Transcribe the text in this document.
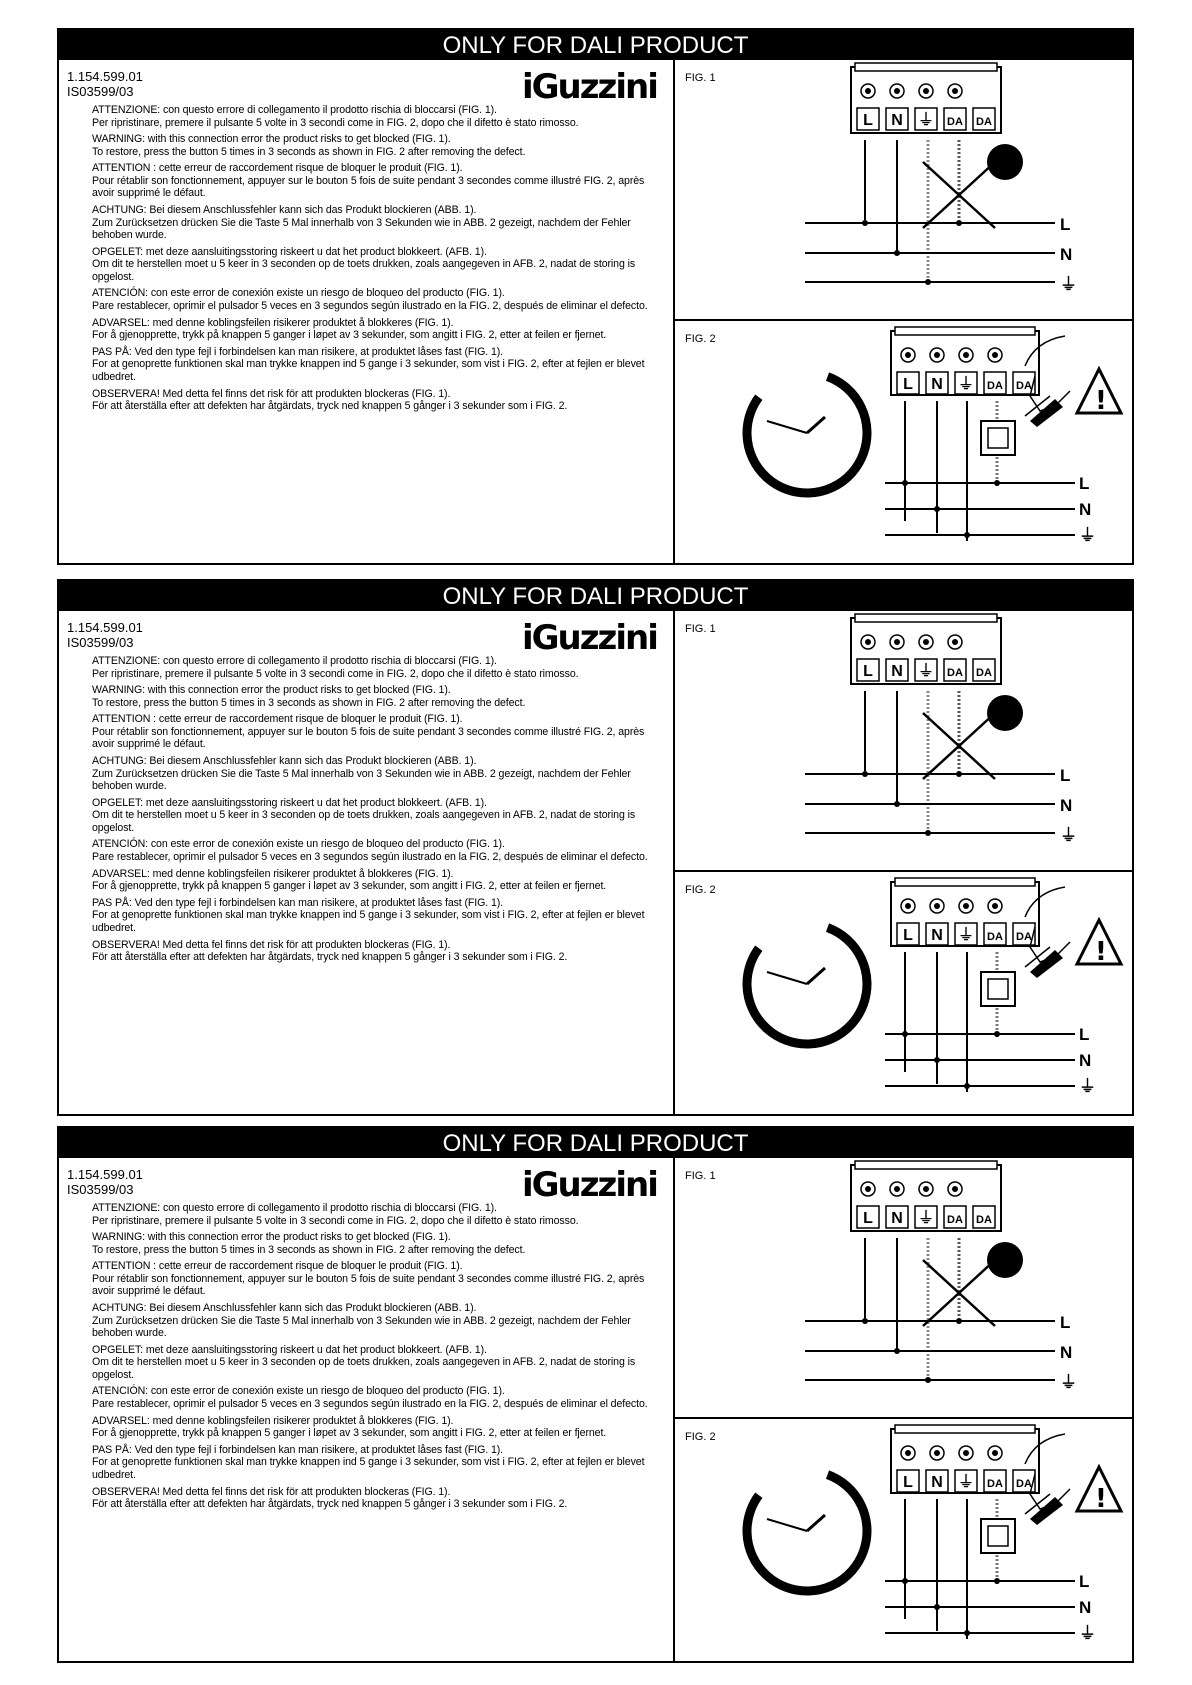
ONLY FOR DALI PRODUCT
1.154.599.01
IS03599/03	iGuzzini
ATTENZIONE: con questo errore di collegamento il prodotto rischia di bloccarsi (FIG. 1).
Per ripristinare, premere il pulsante 5 volte in 3 secondi come in FIG. 2, dopo che il difetto è stato rimosso.
WARNING: with this connection error the product risks to get blocked (FIG. 1).
To restore, press the button 5 times in 3 seconds as shown in FIG. 2 after removing the defect.
ATTENTION : cette erreur de raccordement risque de bloquer le produit (FIG. 1).
Pour rétablir son fonctionnement, appuyer sur le bouton 5 fois de suite pendant 3 secondes comme illustré FIG. 2, après avoir supprimé le défaut.
ACHTUNG: Bei diesem Anschlussfehler kann sich das Produkt blockieren (ABB. 1).
Zum Zurücksetzen drücken Sie die Taste 5 Mal innerhalb von 3 Sekunden wie in ABB. 2 gezeigt, nachdem der Fehler behoben wurde.
OPGELET: met deze aansluitingsstoring riskeert u dat het product blokkeert. (AFB. 1).
Om dit te herstellen moet u 5 keer in 3 seconden op de toets drukken, zoals aangegeven in AFB. 2, nadat de storing is opgelost.
ATENCIÓN: con este error de conexión existe un riesgo de bloqueo del producto (FIG. 1).
Pare restablecer, oprimir el pulsador 5 veces en 3 segundos según ilustrado en la FIG. 2, después de eliminar el defecto.
ADVARSEL: med denne koblingsfeilen risikerer produktet å blokkeres (FIG. 1).
For å gjenopprette, trykk på knappen 5 ganger i løpet av 3 sekunder, som angitt i FIG. 2, etter at feilen er fjernet.
PAS PÅ: Ved den type fejl i forbindelsen kan man risikere, at produktet låses fast (FIG. 1).
For at genoprette funktionen skal man trykke knappen ind 5 gange i 3 sekunder, som vist i FIG. 2, efter at fejlen er blevet udbedret.
OBSERVERA! Med detta fel finns det risk för att produkten blockeras (FIG. 1).
För att återställa efter att defekten har åtgärdats, tryck ned knappen 5 gånger i 3 sekunder som i FIG. 2.
FIG. 1
L N ⏚ DA DA
L
N
⏚
FIG. 2
L N ⏚ DA DA !
L
N
⏚
ONLY FOR DALI PRODUCT
1.154.599.01
IS03599/03	iGuzzini
ATTENZIONE: con questo errore di collegamento il prodotto rischia di bloccarsi (FIG. 1).
Per ripristinare, premere il pulsante 5 volte in 3 secondi come in FIG. 2, dopo che il difetto è stato rimosso.
WARNING: with this connection error the product risks to get blocked (FIG. 1).
To restore, press the button 5 times in 3 seconds as shown in FIG. 2 after removing the defect.
ATTENTION : cette erreur de raccordement risque de bloquer le produit (FIG. 1).
Pour rétablir son fonctionnement, appuyer sur le bouton 5 fois de suite pendant 3 secondes comme illustré FIG. 2, après avoir supprimé le défaut.
ACHTUNG: Bei diesem Anschlussfehler kann sich das Produkt blockieren (ABB. 1).
Zum Zurücksetzen drücken Sie die Taste 5 Mal innerhalb von 3 Sekunden wie in ABB. 2 gezeigt, nachdem der Fehler behoben wurde.
OPGELET: met deze aansluitingsstoring riskeert u dat het product blokkeert. (AFB. 1).
Om dit te herstellen moet u 5 keer in 3 seconden op de toets drukken, zoals aangegeven in AFB. 2, nadat de storing is opgelost.
ATENCIÓN: con este error de conexión existe un riesgo de bloqueo del producto (FIG. 1).
Pare restablecer, oprimir el pulsador 5 veces en 3 segundos según ilustrado en la FIG. 2, después de eliminar el defecto.
ADVARSEL: med denne koblingsfeilen risikerer produktet å blokkeres (FIG. 1).
For å gjenopprette, trykk på knappen 5 ganger i løpet av 3 sekunder, som angitt i FIG. 2, etter at feilen er fjernet.
PAS PÅ: Ved den type fejl i forbindelsen kan man risikere, at produktet låses fast (FIG. 1).
For at genoprette funktionen skal man trykke knappen ind 5 gange i 3 sekunder, som vist i FIG. 2, efter at fejlen er blevet udbedret.
OBSERVERA! Med detta fel finns det risk för att produkten blockeras (FIG. 1).
För att återställa efter att defekten har åtgärdats, tryck ned knappen 5 gånger i 3 sekunder som i FIG. 2.
FIG. 1
L N ⏚ DA DA
L
N
⏚
FIG. 2
L N ⏚ DA DA !
L
N
⏚
ONLY FOR DALI PRODUCT
1.154.599.01
IS03599/03	iGuzzini
ATTENZIONE: con questo errore di collegamento il prodotto rischia di bloccarsi (FIG. 1).
Per ripristinare, premere il pulsante 5 volte in 3 secondi come in FIG. 2, dopo che il difetto è stato rimosso.
WARNING: with this connection error the product risks to get blocked (FIG. 1).
To restore, press the button 5 times in 3 seconds as shown in FIG. 2 after removing the defect.
ATTENTION : cette erreur de raccordement risque de bloquer le produit (FIG. 1).
Pour rétablir son fonctionnement, appuyer sur le bouton 5 fois de suite pendant 3 secondes comme illustré FIG. 2, après avoir supprimé le défaut.
ACHTUNG: Bei diesem Anschlussfehler kann sich das Produkt blockieren (ABB. 1).
Zum Zurücksetzen drücken Sie die Taste 5 Mal innerhalb von 3 Sekunden wie in ABB. 2 gezeigt, nachdem der Fehler behoben wurde.
OPGELET: met deze aansluitingsstoring riskeert u dat het product blokkeert. (AFB. 1).
Om dit te herstellen moet u 5 keer in 3 seconden op de toets drukken, zoals aangegeven in AFB. 2, nadat de storing is opgelost.
ATENCIÓN: con este error de conexión existe un riesgo de bloqueo del producto (FIG. 1).
Pare restablecer, oprimir el pulsador 5 veces en 3 segundos según ilustrado en la FIG. 2, después de eliminar el defecto.
ADVARSEL: med denne koblingsfeilen risikerer produktet å blokkeres (FIG. 1).
For å gjenopprette, trykk på knappen 5 ganger i løpet av 3 sekunder, som angitt i FIG. 2, etter at feilen er fjernet.
PAS PÅ: Ved den type fejl i forbindelsen kan man risikere, at produktet låses fast (FIG. 1).
For at genoprette funktionen skal man trykke knappen ind 5 gange i 3 sekunder, som vist i FIG. 2, efter at fejlen er blevet udbedret.
OBSERVERA! Med detta fel finns det risk för att produkten blockeras (FIG. 1).
För att återställa efter att defekten har åtgärdats, tryck ned knappen 5 gånger i 3 sekunder som i FIG. 2.
FIG. 1
L N ⏚ DA DA
L
N
⏚
FIG. 2
L N ⏚ DA DA !
L
N
⏚
